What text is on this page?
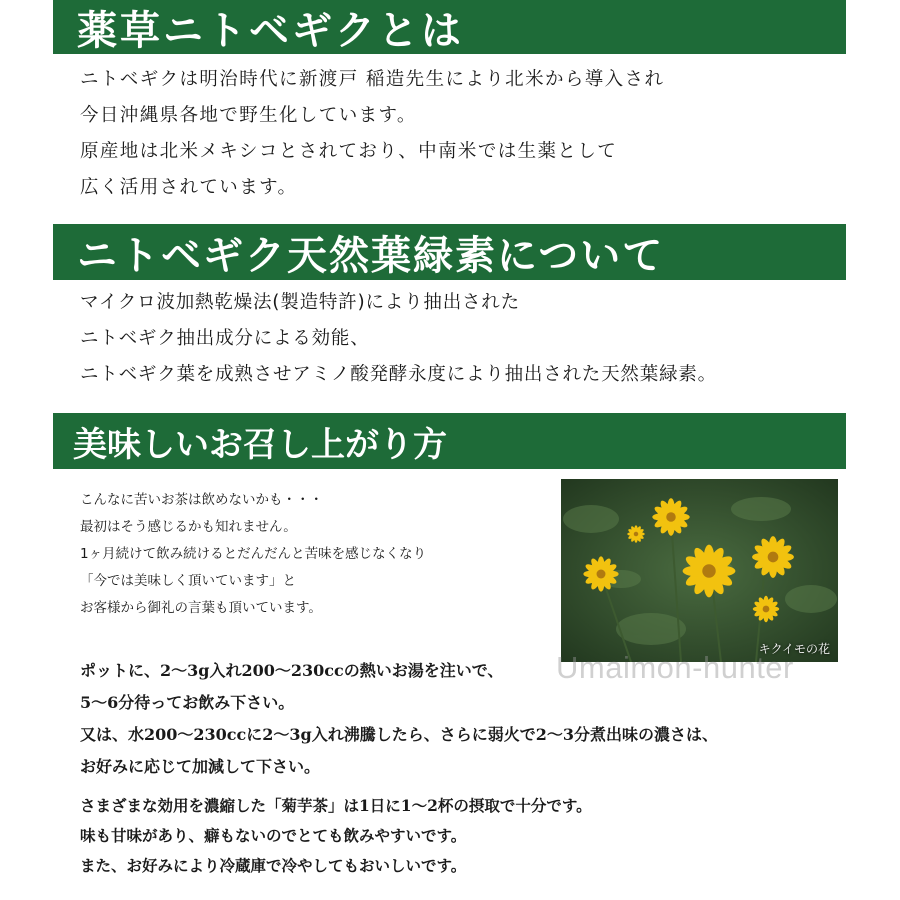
薬草ニトベギクとは
ニトベギクは明治時代に新渡戸 稲造先生により北米から導入され
今日沖縄県各地で野生化しています。
原産地は北米メキシコとされており、中南米では生薬として
広く活用されています。
ニトベギク天然葉緑素について
マイクロ波加熱乾燥法(製造特許)により抽出された
ニトベギク抽出成分による効能、
ニトベギク葉を成熟させアミノ酸発酵永度により抽出された天然葉緑素。
美味しいお召し上がり方
こんなに苦いお茶は飲めないかも・・・
最初はそう感じるかも知れません。
1ヶ月続けて飲み続けるとだんだんと苦味を感じなくなり
「今では美味しく頂いています」と
お客様から御礼の言葉も頂いています。
キクイモの花
Umaimon-hunter
ポットに、2〜3g入れ200〜230ccの熱いお湯を注いで、
5〜6分待ってお飲み下さい。
又は、水200〜230ccに2〜3g入れ沸騰したら、さらに弱火で2〜3分煮出味の濃さは、
お好みに応じて加減して下さい。
さまざまな効用を濃縮した「菊芋茶」は1日に1〜2杯の摂取で十分です。
味も甘味があり、癖もないのでとても飲みやすいです。
また、お好みにより冷蔵庫で冷やしてもおいしいです。
